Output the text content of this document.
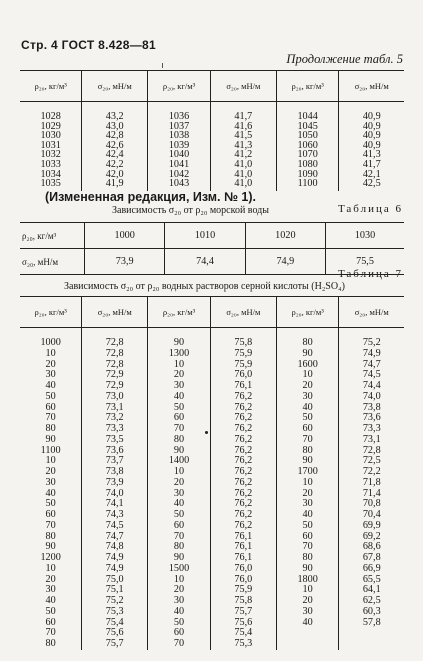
Стр. 4 ГОСТ 8.428—81
Продолжение табл. 5
ρ₂₀, кг/м³	σ₂₀, мН/м	ρ₂₀, кг/м³	σ₂₀, мН/м	ρ₂₀, кг/м³	σ₂₀, мН/м
1028	43,2	1036	41,7	1044	40,9
1029	43,0	1037	41,6	1045	40,9
1030	42,8	1038	41,5	1050	40,9
1031	42,6	1039	41,3	1060	40,9
1032	42,4	1040	41,2	1070	41,3
1033	42,2	1041	41,0	1080	41,7
1034	42,0	1042	41,0	1090	42,1
1035	41,9	1043	41,0	1100	42,5
(Измененная редакция, Изм. № 1).
Зависимость σ₂₀ от ρ₂₀ морской воды	Таблица 6
ρ₂₀, кг/м³	1000	1010	1020	1030
σ₂₀, мН/м	73,9	74,4	74,9	75,5
Таблица 7
Зависимость σ₂₀ от ρ₂₀ водных растворов серной кислоты (H₂SO₄)
ρ₂₀, кг/м³	σ₂₀, мН/м	ρ₂₀, кг/м³	σ₂₀, мН/м	ρ₂₀, кг/м³	σ₂₀, мН/м
1000	72,8	90	75,8	80	75,2
10	72,8	1300	75,9	90	74,9
20	72,8	10	75,9	1600	74,7
30	72,9	20	76,0	10	74,5
40	72,9	30	76,1	20	74,4
50	73,0	40	76,2	30	74,0
60	73,1	50	76,2	40	73,8
70	73,2	60	76,2	50	73,6
80	73,3	70	76,2	60	73,3
90	73,5	80	76,2	70	73,1
1100	73,6	90	76,2	80	72,8
10	73,7	1400	76,2	90	72,5
20	73,8	10	76,2	1700	72,2
30	73,9	20	76,2	10	71,8
40	74,0	30	76,2	20	71,4
50	74,1	40	76,2	30	70,8
60	74,3	50	76,2	40	70,4
70	74,5	60	76,2	50	69,9
80	74,7	70	76,1	60	69,2
90	74,8	80	76,1	70	68,6
1200	74,9	90	76,1	80	67,8
10	74,9	1500	76,0	90	66,9
20	75,0	10	76,0	1800	65,5
30	75,1	20	75,9	10	64,1
40	75,2	30	75,8	20	62,5
50	75,3	40	75,7	30	60,3
60	75,4	50	75,6	40	57,8
70	75,6	60	75,4		
80	75,7	70	75,3		
